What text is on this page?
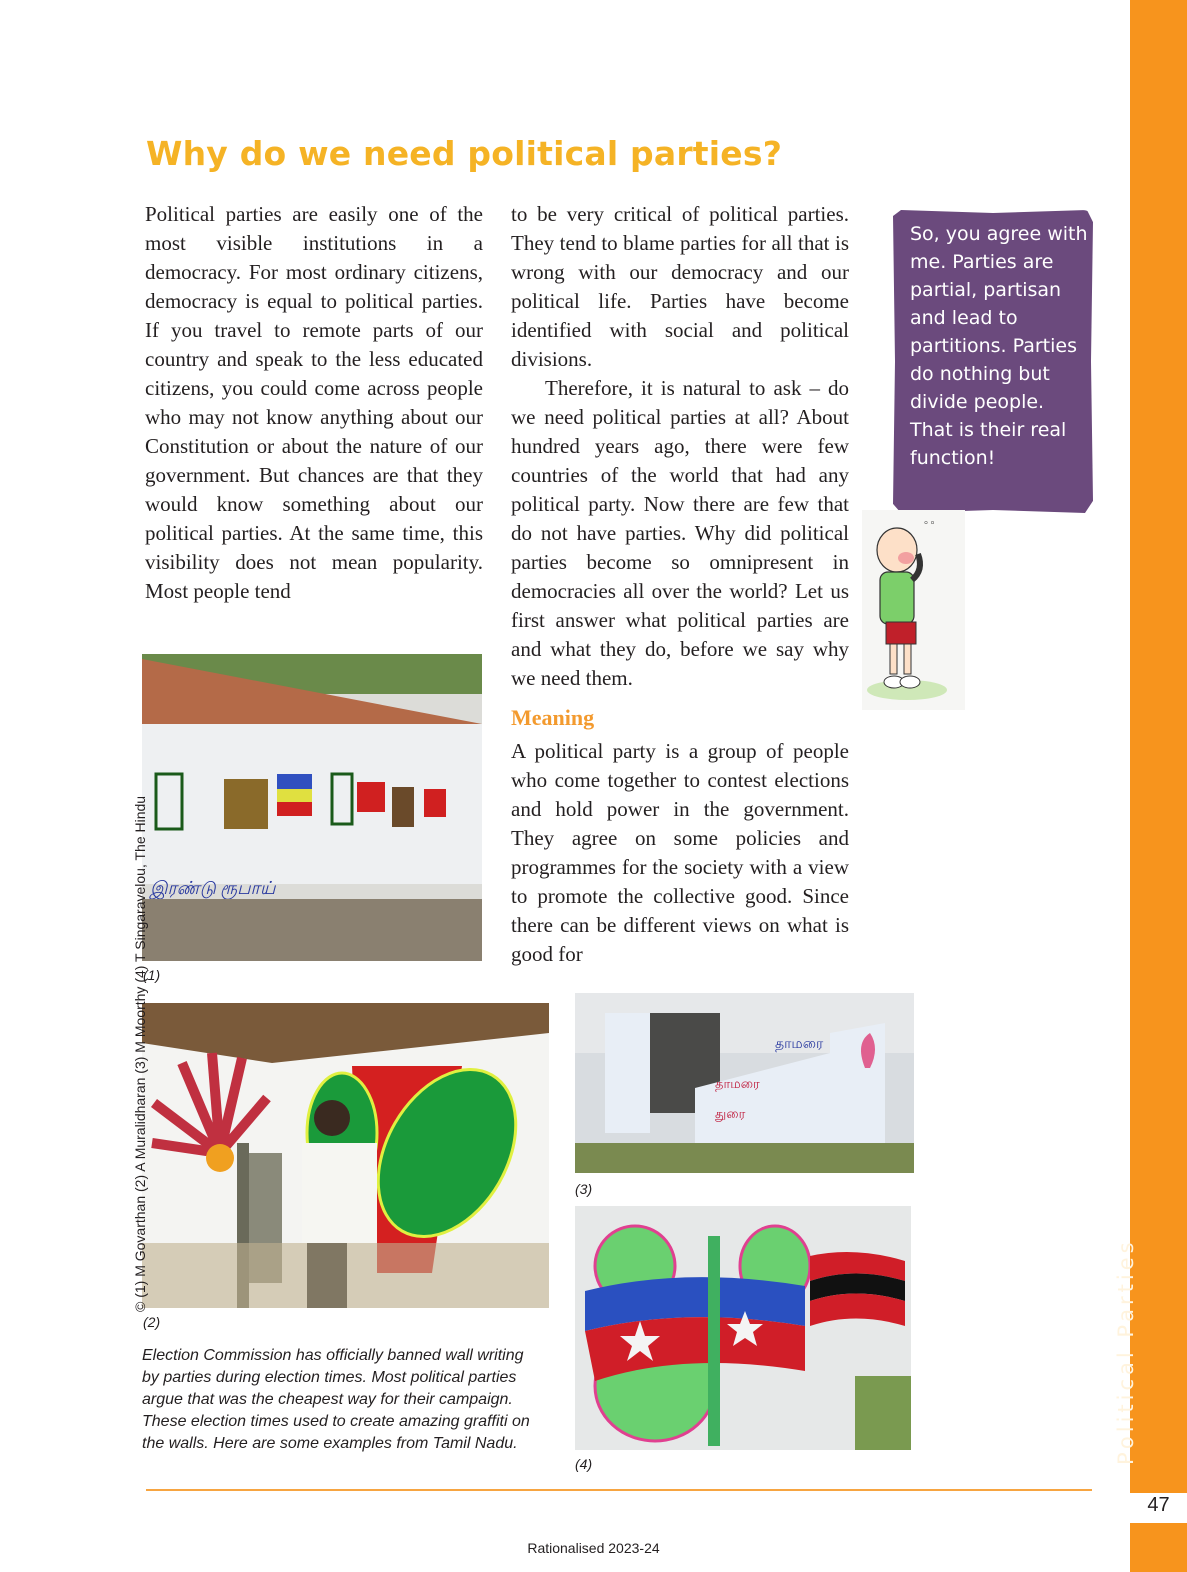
47
Political Parties
Why do we need political parties?

Political parties are easily one of the most visible institutions in a democracy. For most ordinary citizens, democracy is equal to political parties. If you travel to remote parts of our country and speak to the less educated citizens, you could come across people who may not know anything about our Constitution or about the nature of our government. But chances are that they would know something about our political parties. At the same time, this visibility does not mean popularity. Most people tend

to be very critical of political parties. They tend to blame parties for all that is wrong with our democracy and our political life. Parties have become identified with social and political divisions.

Therefore, it is natural to ask – do we need political parties at all? About hundred years ago, there were few countries of the world that had any political party. Now there are few that do not have parties. Why did political parties become so omnipresent in democracies all over the world? Let us first answer what political parties are and what they do, before we say why we need them.

Meaning

A political party is a group of people who come together to contest elections and hold power in the government. They agree on some policies and programmes for the society with a view to promote the collective good. Since there can be different views on what is good for

So, you agree with me. Parties are partial, partisan and lead to partitions. Parties do nothing but divide people. That is their real function!
° °
இரண்டு ரூபாய்
(1)
(2)
Election Commission has officially banned wall writing by parties during election times. Most political parties argue that was the cheapest way for their campaign. These election times used to create amazing graffiti on the walls. Here are some examples from Tamil Nadu.
தாமரை
தாமரை
துரை
(3)
(4)
© (1) M Govarthan (2) A Muralidharan (3) M Moorthy (4) T Singaravelou, The Hindu
Rationalised 2023-24
